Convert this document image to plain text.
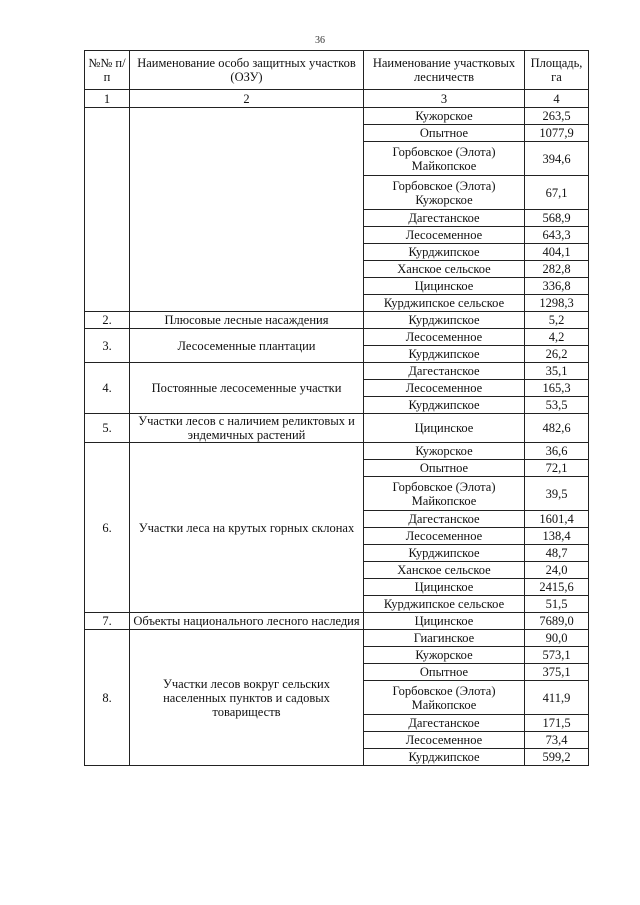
36
№№ п/п	Наименование особо защитных участков (ОЗУ)	Наименование участковых лесничеств	Площадь, га
1	2	3	4
		Кужорское	263,5
		Опытное	1077,9
		Горбовское (Элота) Майкопское	394,6
		Горбовское (Элота) Кужорское	67,1
		Дагестанское	568,9
		Лесосеменное	643,3
		Курджипское	404,1
		Ханское сельское	282,8
		Цицинское	336,8
		Курджипское сельское	1298,3
2.	Плюсовые лесные насаждения	Курджипское	5,2
3.	Лесосеменные плантации	Лесосеменное	4,2
		Курджипское	26,2
4.	Постоянные лесосеменные участки	Дагестанское	35,1
		Лесосеменное	165,3
		Курджипское	53,5
5.	Участки лесов с наличием реликтовых и эндемичных растений	Цицинское	482,6
6.	Участки леса на крутых горных склонах	Кужорское	36,6
		Опытное	72,1
		Горбовское (Элота) Майкопское	39,5
		Дагестанское	1601,4
		Лесосеменное	138,4
		Курджипское	48,7
		Ханское сельское	24,0
		Цицинское	2415,6
		Курджипское сельское	51,5
7.	Объекты национального лесного наследия	Цицинское	7689,0
8.	Участки лесов вокруг сельских населенных пунктов и садовых товариществ	Гиагинское	90,0
		Кужорское	573,1
		Опытное	375,1
		Горбовское (Элота) Майкопское	411,9
		Дагестанское	171,5
		Лесосеменное	73,4
		Курджипское	599,2
